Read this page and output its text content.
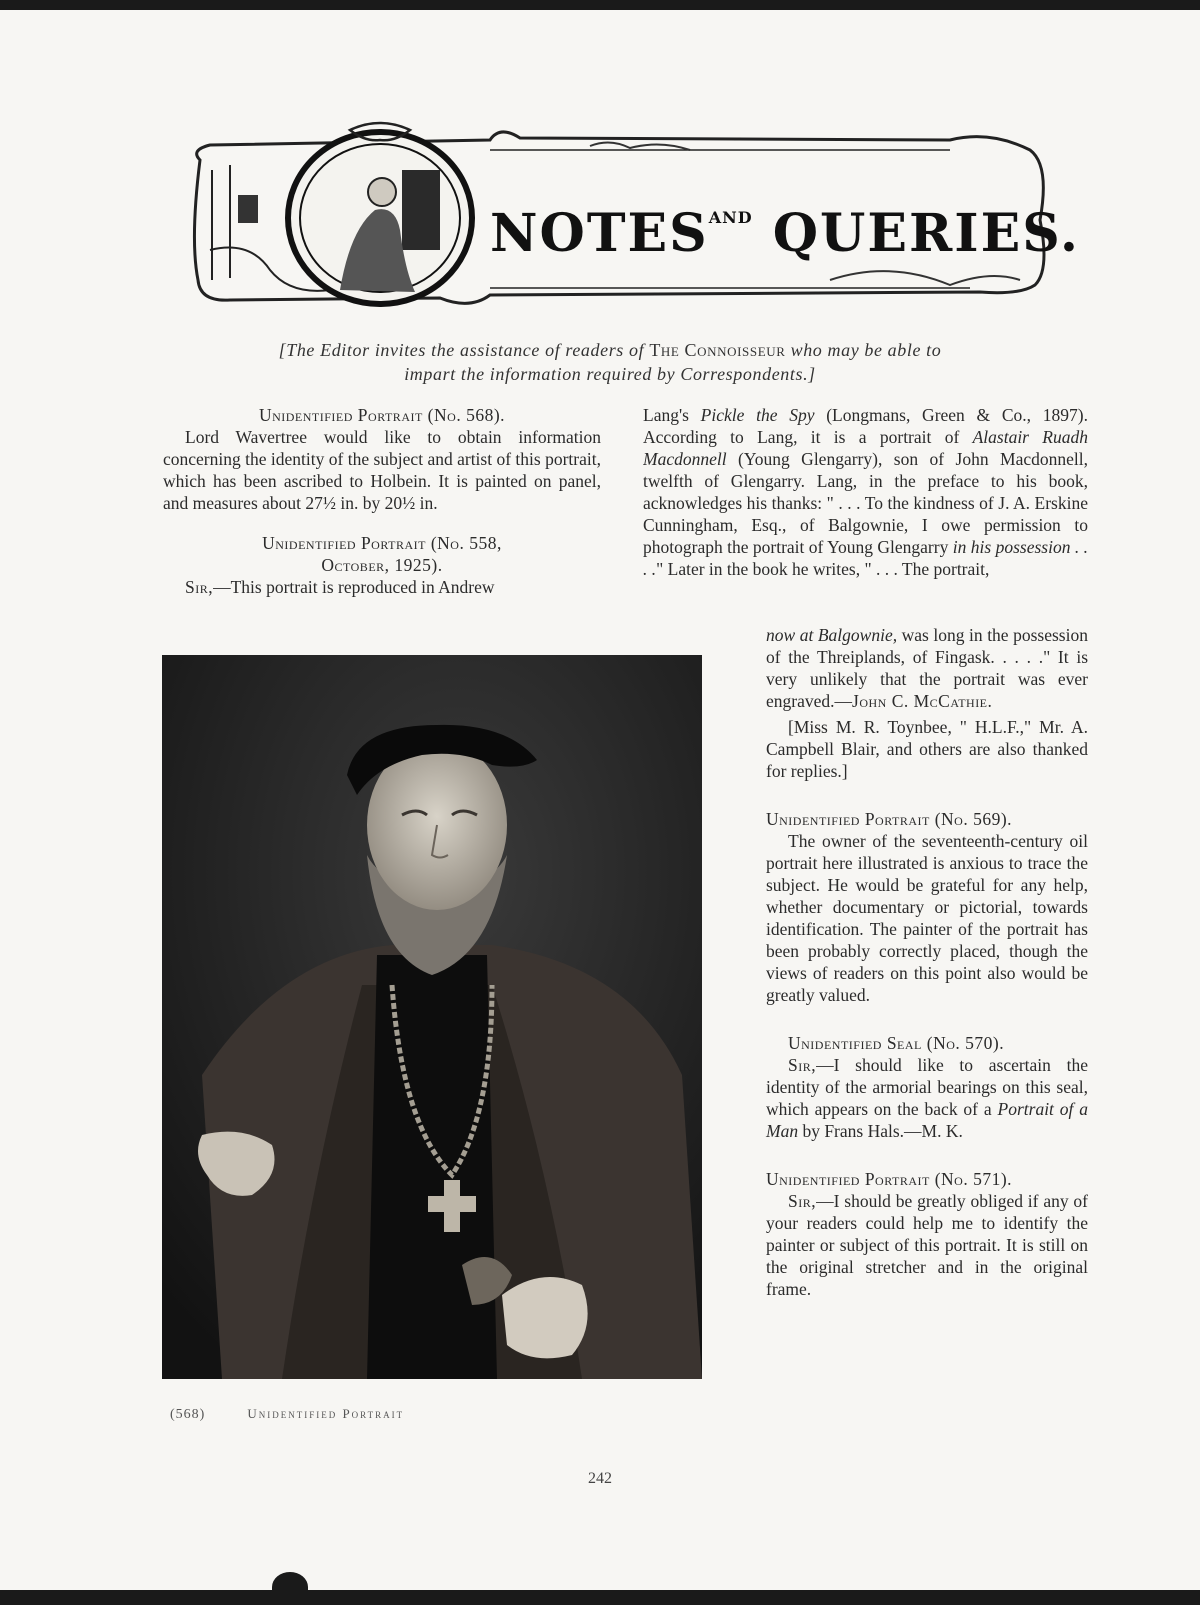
$NOTES^{AND}$ QUERIES.
[The Editor invites the assistance of readers of The Connoisseur who may be able to
impart the information required by Correspondents.]

Unidentified Portrait (No. 568).

Lord Wavertree would like to obtain information concerning the identity of the subject and artist of this portrait, which has been ascribed to Holbein. It is painted on panel, and measures about 27½ in. by 20½ in.

Unidentified Portrait (No. 558,

October, 1925).

Sir,—This portrait is reproduced in Andrew

Lang's Pickle the Spy (Longmans, Green & Co., 1897). According to Lang, it is a portrait of Alastair Ruadh Macdonnell (Young Glengarry), son of John Macdonnell, twelfth of Glengarry. Lang, in the preface to his book, acknowledges his thanks: " . . . To the kindness of J. A. Erskine Cunningham, Esq., of Balgownie, I owe permission to photograph the portrait of Young Glengarry in his possession . . . ." Later in the book he writes, " . . . The portrait,

now at Balgownie, was long in the possession of the Threiplands, of Fingask. . . . ." It is very unlikely that the portrait was ever engraved.—John C. McCathie.

[Miss M. R. Toynbee, " H.L.F.," Mr. A. Campbell Blair, and others are also thanked for replies.]

Unidentified Portrait (No. 569).

The owner of the seventeenth-century oil portrait here illustrated is anxious to trace the subject. He would be grateful for any help, whether documentary or pictorial, towards identification. The painter of the portrait has been probably correctly placed, though the views of readers on this point also would be greatly valued.

Unidentified Seal (No. 570).

Sir,—I should like to ascertain the identity of the armorial bearings on this seal, which appears on the back of a Portrait of a Man by Frans Hals.—M. K.

Unidentified Portrait (No. 571).

Sir,—I should be greatly obliged if any of your readers could help me to identify the painter or subject of this portrait. It is still on the original stretcher and in the original frame.

(568)	Unidentified Portrait
242
